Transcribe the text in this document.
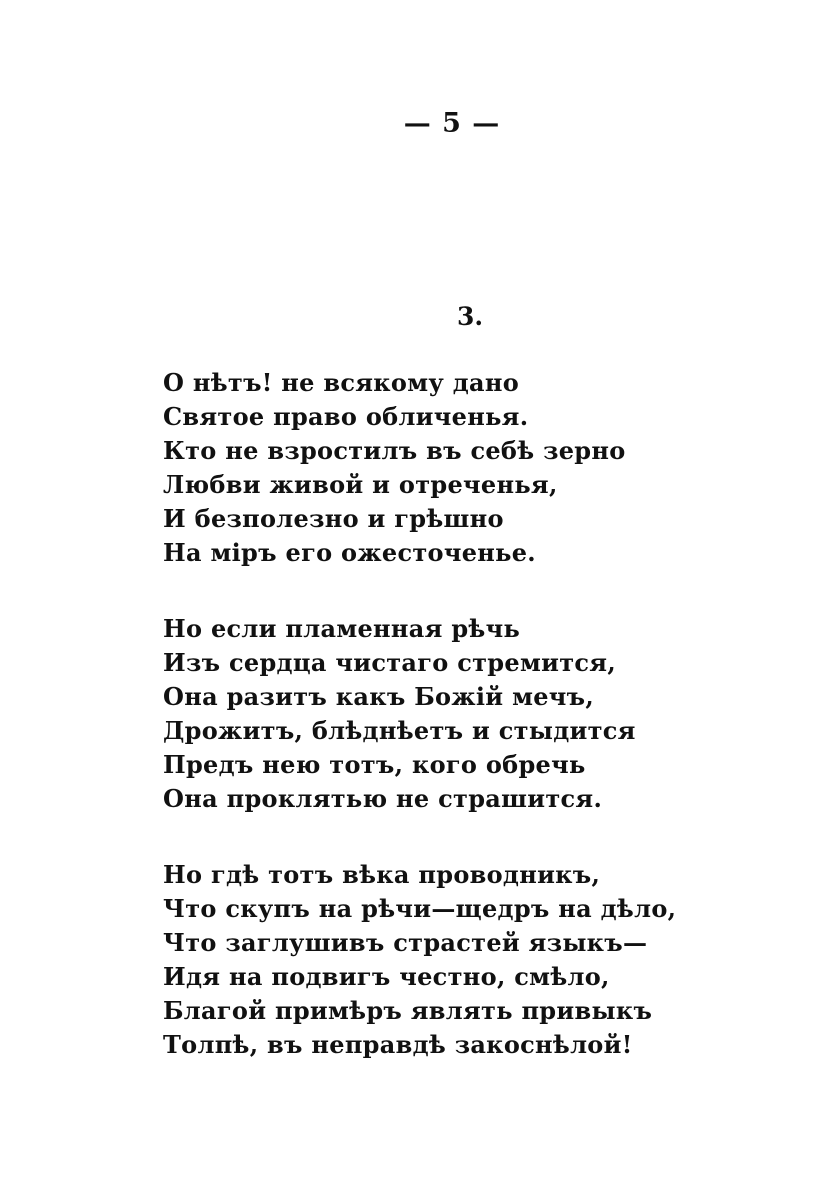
— 5 —
3.
О нѣтъ! не всякому дано
Святое право обличенья.
Кто не взростилъ въ себѣ зерно
Любви живой и отреченья,
И безполезно и грѣшно
На міръ его ожесточенье.
Но если пламенная рѣчь
Изъ сердца чистаго стремится,
Она разитъ какъ Божій мечъ,
Дрожитъ, блѣднѣетъ и стыдится
Предъ нею тотъ, кого обречь
Она проклятью не страшится.
Но гдѣ тотъ вѣка проводникъ,
Что скупъ на рѣчи—щедръ на дѣло,
Что заглушивъ страстей языкъ—
Идя на подвигъ честно, смѣло,
Благой примѣръ являть привыкъ
Толпѣ, въ неправдѣ закоснѣлой!
